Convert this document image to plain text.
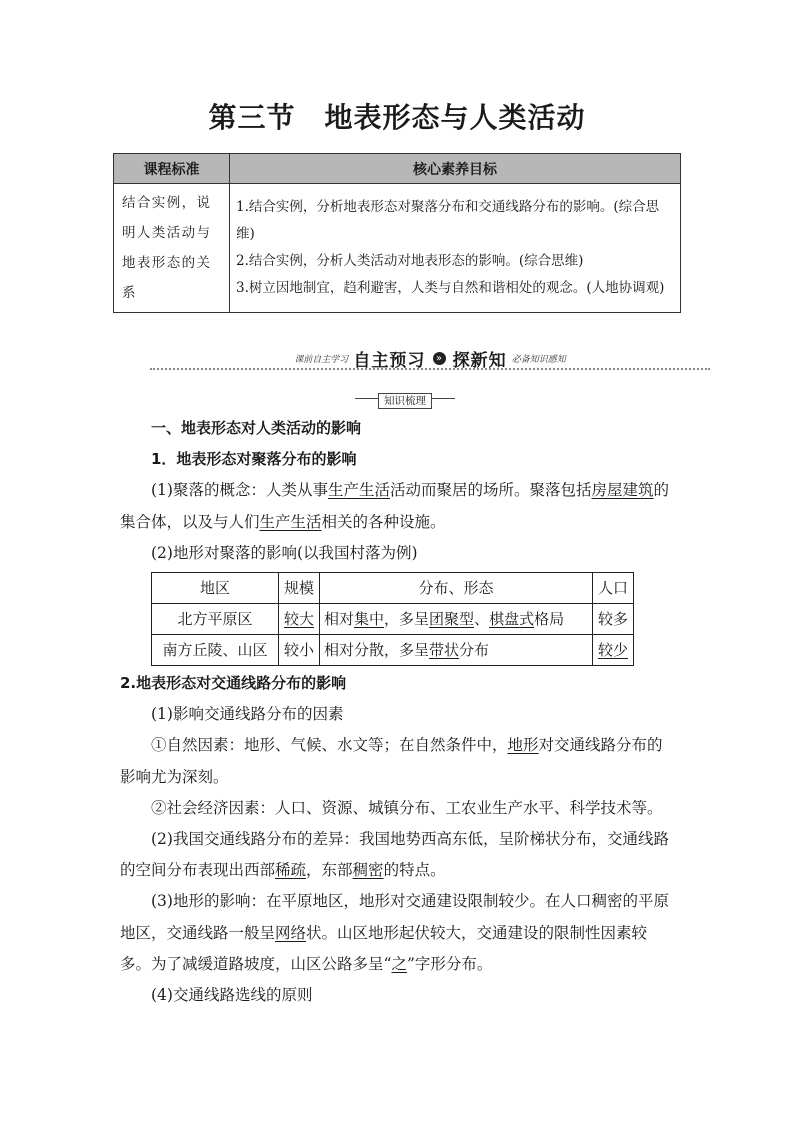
第三节　地表形态与人类活动
课程标准	核心素养目标
结合实例，说明人类活动与地表形态的关系	1.结合实例，分析地表形态对聚落分布和交通线路分布的影响。(综合思维)

2.结合实例，分析人类活动对地表形态的影响。(综合思维)

3.树立因地制宜，趋利避害，人类与自然和谐相处的观念。(人地协调观)

课前自主学习 自主预习 » 探新知 必备知识感知
知识梳理

一、地表形态对人类活动的影响

1．地表形态对聚落分布的影响

(1)聚落的概念：人类从事生产生活活动而聚居的场所。聚落包括房屋建筑的集合体，以及与人们生产生活相关的各种设施。

(2)地形对聚落的影响(以我国村落为例)

地区	规模	分布、形态	人口
北方平原区	较大	相对集中，多呈团聚型、棋盘式格局	较多
南方丘陵、山区	较小	相对分散，多呈带状分布	较少

2.地表形态对交通线路分布的影响

(1)影响交通线路分布的因素

①自然因素：地形、气候、水文等；在自然条件中，地形对交通线路分布的影响尤为深刻。

②社会经济因素：人口、资源、城镇分布、工农业生产水平、科学技术等。

(2)我国交通线路分布的差异：我国地势西高东低，呈阶梯状分布，交通线路的空间分布表现出西部稀疏，东部稠密的特点。

(3)地形的影响：在平原地区，地形对交通建设限制较少。在人口稠密的平原地区，交通线路一般呈网络状。山区地形起伏较大，交通建设的限制性因素较多。为了减缓道路坡度，山区公路多呈“之”字形分布。

(4)交通线路选线的原则
